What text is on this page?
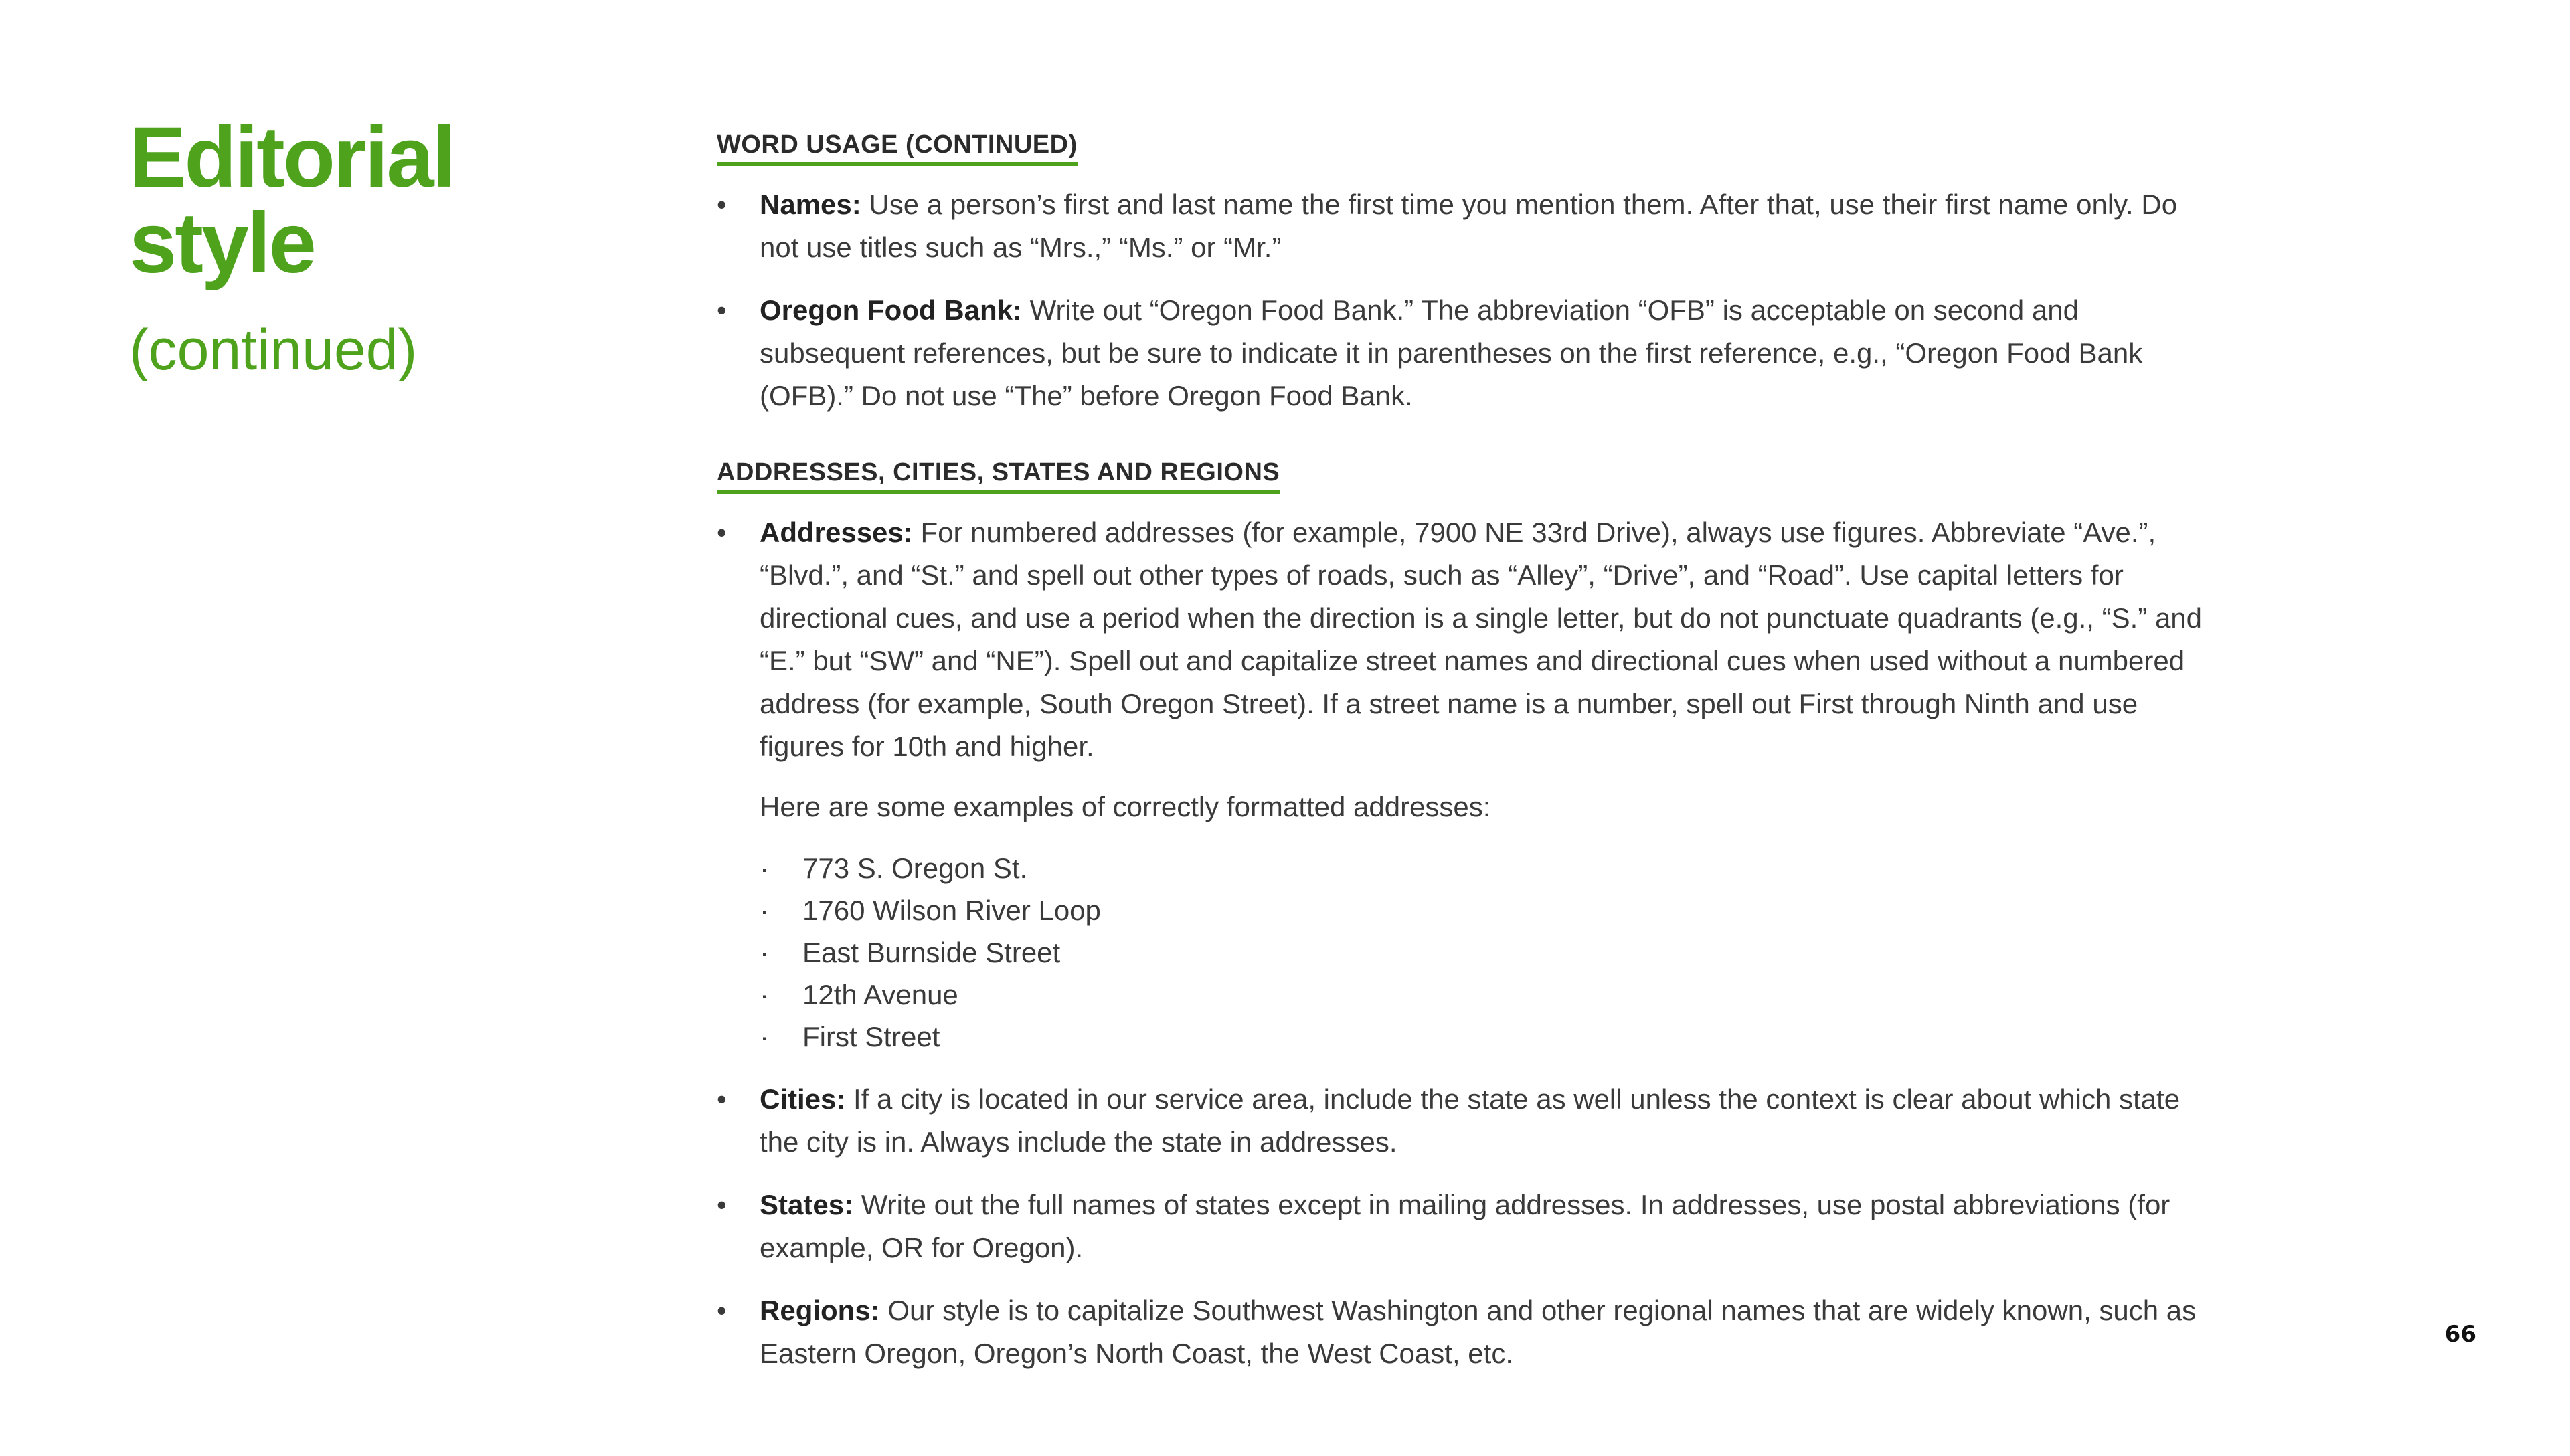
Editorial
style

(continued)

WORD USAGE (CONTINUED)
•	Names: Use a person’s first and last name the first time you mention them. After that, use their first name only. Do not use titles such as “Mrs.,” “Ms.” or “Mr.”
•	Oregon Food Bank: Write out “Oregon Food Bank.” The abbreviation “OFB” is acceptable on second and subsequent references, but be sure to indicate it in parentheses on the first reference, e.g., “Oregon Food Bank (OFB).” Do not use “The” before Oregon Food Bank.
ADDRESSES, CITIES, STATES AND REGIONS
•	Addresses: For numbered addresses (for example, 7900 NE 33rd Drive), always use figures. Abbreviate “Ave.”, “Blvd.”, and “St.” and spell out other types of roads, such as “Alley”, “Drive”, and “Road”. Use capital letters for directional cues, and use a period when the direction is a single letter, but do not punctuate quadrants (e.g., “S.” and “E.” but “SW” and “NE”). Spell out and capitalize street names and directional cues when used without a numbered address (for example, South Oregon Street). If a street name is a number, spell out First through Ninth and use figures for 10th and higher.

Here are some examples of correctly formatted addresses:

· 773 S. Oregon St.
· 1760 Wilson River Loop
· East Burnside Street
· 12th Avenue
· First Street
•	Cities: If a city is located in our service area, include the state as well unless the context is clear about which state the city is in. Always include the state in addresses.
•	States: Write out the full names of states except in mailing addresses. In addresses, use postal abbreviations (for example, OR for Oregon).
•	Regions: Our style is to capitalize Southwest Washington and other regional names that are widely known, such as Eastern Oregon, Oregon’s North Coast, the West Coast, etc.
66
